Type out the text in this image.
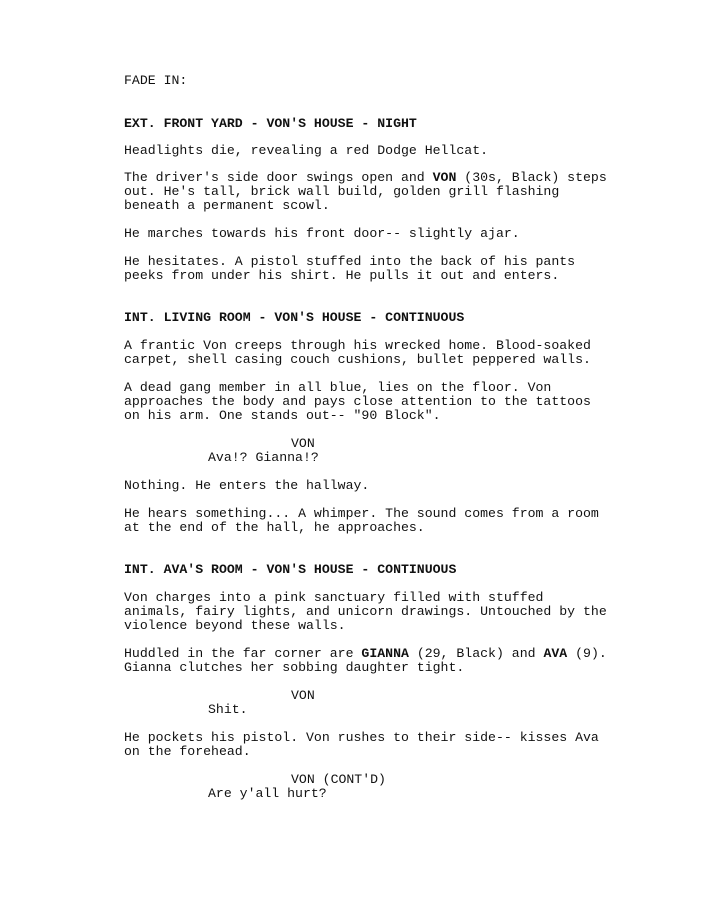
FADE IN:
EXT. FRONT YARD - VON'S HOUSE - NIGHT
Headlights die, revealing a red Dodge Hellcat.
The driver's side door swings open and VON (30s, Black) steps
out. He's tall, brick wall build, golden grill flashing
beneath a permanent scowl.
He marches towards his front door-- slightly ajar.
He hesitates. A pistol stuffed into the back of his pants
peeks from under his shirt. He pulls it out and enters.
INT. LIVING ROOM - VON'S HOUSE - CONTINUOUS
A frantic Von creeps through his wrecked home. Blood-soaked
carpet, shell casing couch cushions, bullet peppered walls.
A dead gang member in all blue, lies on the floor. Von
approaches the body and pays close attention to the tattoos
on his arm. One stands out-- "90 Block".
VON
Ava!? Gianna!?
Nothing. He enters the hallway.
He hears something... A whimper. The sound comes from a room
at the end of the hall, he approaches.
INT. AVA'S ROOM - VON'S HOUSE - CONTINUOUS
Von charges into a pink sanctuary filled with stuffed
animals, fairy lights, and unicorn drawings. Untouched by the
violence beyond these walls.
Huddled in the far corner are GIANNA (29, Black) and AVA (9).
Gianna clutches her sobbing daughter tight.
VON
Shit.
He pockets his pistol. Von rushes to their side-- kisses Ava
on the forehead.
VON (CONT'D)
Are y'all hurt?
